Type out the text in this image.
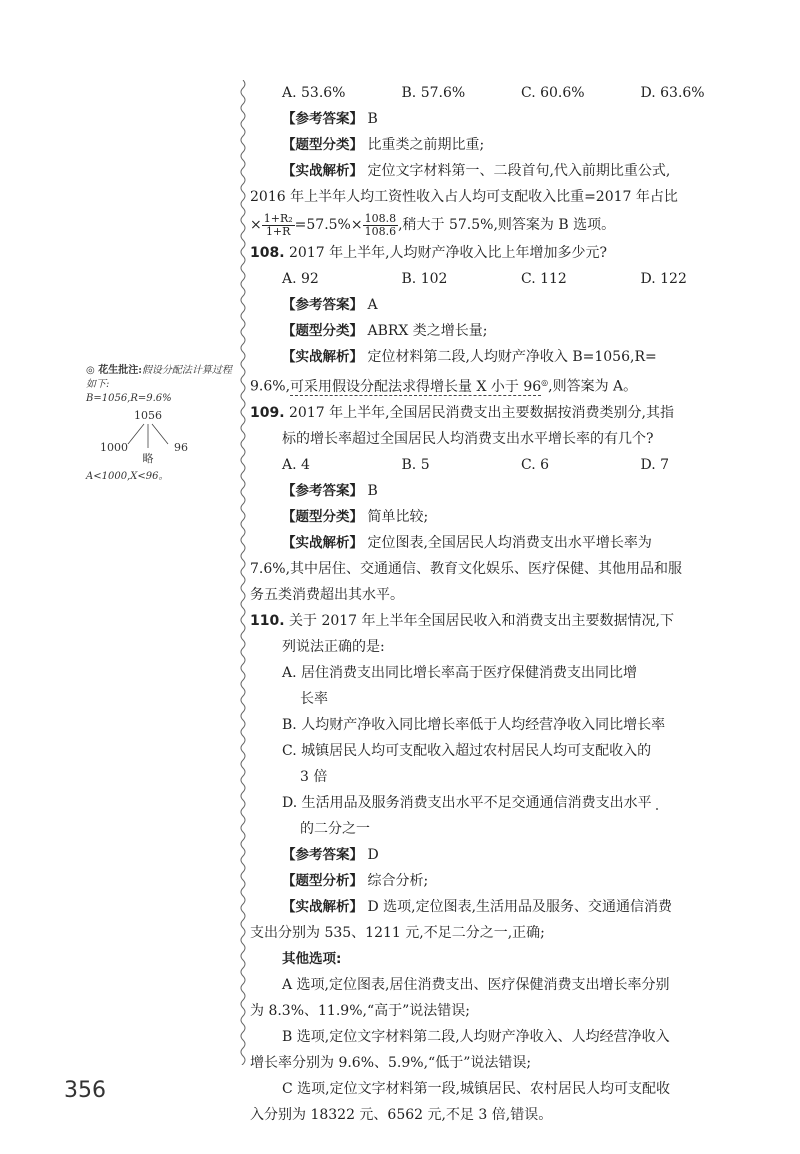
◎ 花生批注:假设分配法计算过程如下:
B=1056,R=9.6%
1056
1000	96
略
A<1000,X<96。
A. 53.6%	B. 57.6%	C. 60.6%	D. 63.6%
【参考答案】 B
【题型分类】 比重类之前期比重;
【实战解析】 定位文字材料第一、二段首句,代入前期比重公式,
2016 年上半年人均工资性收入占人均可支配收入比重=2017 年占比
× $\frac{\text{1+R₂}}{1+R} =57.5\%\times \frac{108.8}{108.6}$ ,稍大于 57.5%,则答案为 B 选项。
108. 2017 年上半年,人均财产净收入比上年增加多少元?
A. 92	B. 102	C. 112	D. 122
【参考答案】 A
【题型分类】 ABRX 类之增长量;
【实战解析】 定位材料第二段,人均财产净收入 B=1056,R=
9.6%,可采用假设分配法求得增长量 X 小于 96◎,则答案为 A。
109. 2017 年上半年,全国居民消费支出主要数据按消费类别分,其指
标的增长率超过全国居民人均消费支出水平增长率的有几个?
A. 4	B. 5	C. 6	D. 7
【参考答案】 B
【题型分类】 简单比较;
【实战解析】 定位图表,全国居民人均消费支出水平增长率为
7.6%,其中居住、交通通信、教育文化娱乐、医疗保健、其他用品和服
务五类消费超出其水平。
110. 关于 2017 年上半年全国居民收入和消费支出主要数据情况,下
列说法正确的是:
A. 居住消费支出同比增长率高于医疗保健消费支出同比增
长率
B. 人均财产净收入同比增长率低于人均经营净收入同比增长率
C. 城镇居民人均可支配收入超过农村居民人均可支配收入的
3 倍
D. 生活用品及服务消费支出水平不足交通通信消费支出水平
的二分之一
【参考答案】 D
【题型分析】 综合分析;
【实战解析】 D 选项,定位图表,生活用品及服务、交通通信消费
支出分别为 535、1211 元,不足二分之一,正确;
其他选项:
A 选项,定位图表,居住消费支出、医疗保健消费支出增长率分别
为 8.3%、11.9%,“高于”说法错误;
B 选项,定位文字材料第二段,人均财产净收入、人均经营净收入
增长率分别为 9.6%、5.9%,“低于”说法错误;
C 选项,定位文字材料第一段,城镇居民、农村居民人均可支配收
入分别为 18322 元、6562 元,不足 3 倍,错误。
356
